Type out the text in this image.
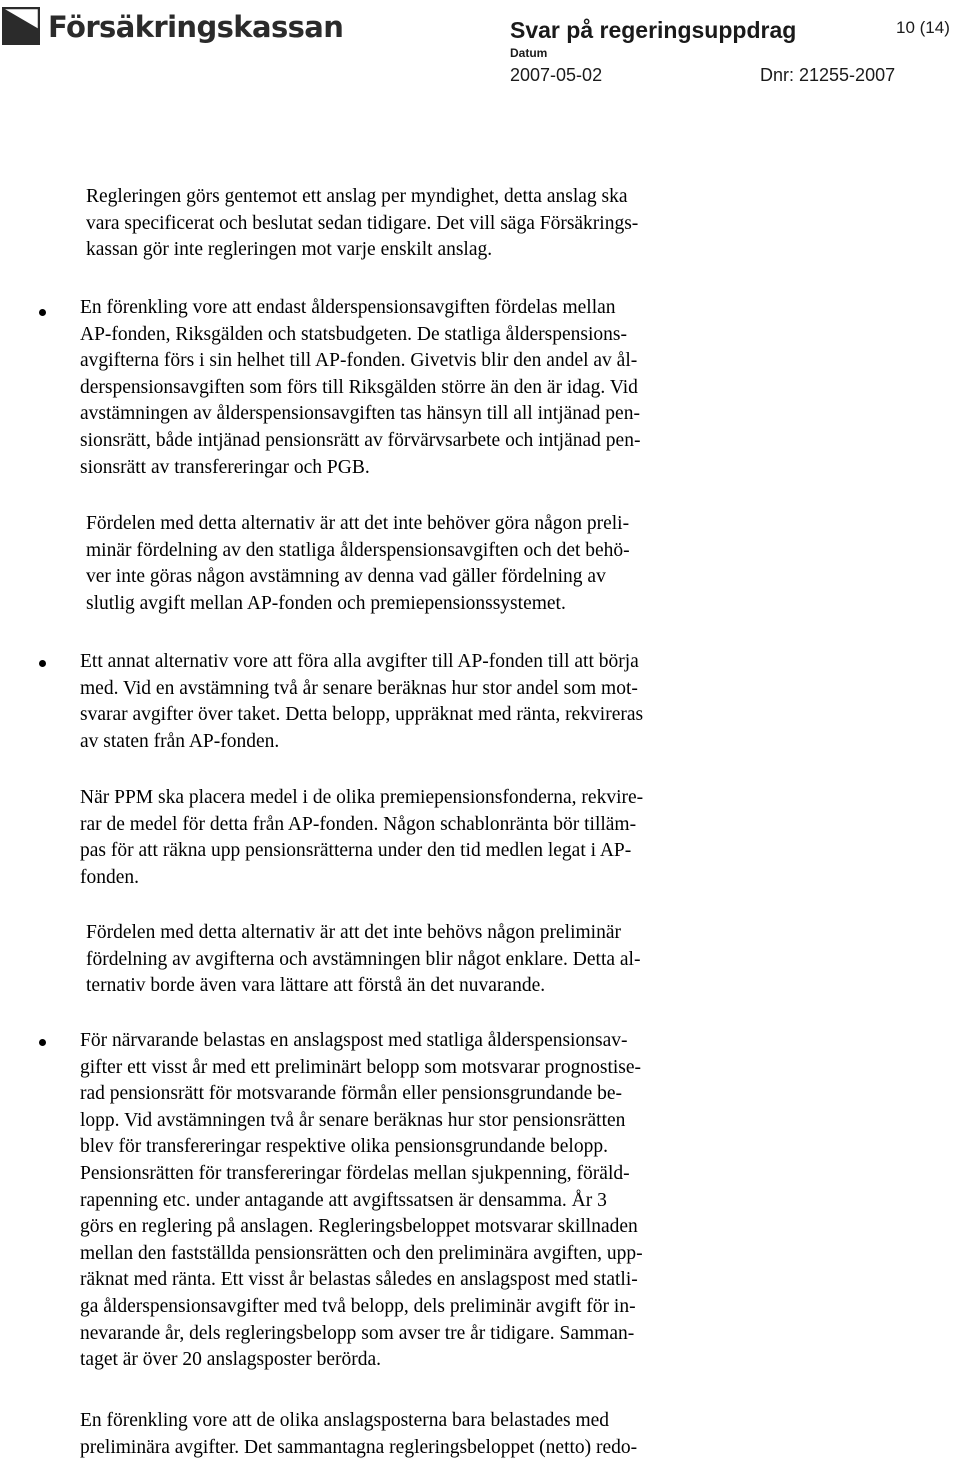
Försäkringskassan	Svar på regeringsuppdrag	10 (14)
Datum
2007-05-02	Dnr: 21255-2007
Regleringen görs gentemot ett anslag per myndighet, detta anslag ska
vara specificerat och beslutat sedan tidigare. Det vill säga Försäkrings-
kassan gör inte regleringen mot varje enskilt anslag.
En förenkling vore att endast ålderspensionsavgiften fördelas mellan
AP-fonden, Riksgälden och statsbudgeten. De statliga ålderspensions-
avgifterna förs i sin helhet till AP-fonden. Givetvis blir den andel av ål-
derspensionsavgiften som förs till Riksgälden större än den är idag. Vid
avstämningen av ålderspensionsavgiften tas hänsyn till all intjänad pen-
sionsrätt, både intjänad pensionsrätt av förvärvsarbete och intjänad pen-
sionsrätt av transfereringar och PGB.
Fördelen med detta alternativ är att det inte behöver göra någon preli-
minär fördelning av den statliga ålderspensionsavgiften och det behö-
ver inte göras någon avstämning av denna vad gäller fördelning av
slutlig avgift mellan AP-fonden och premiepensionssystemet.
Ett annat alternativ vore att föra alla avgifter till AP-fonden till att börja
med. Vid en avstämning två år senare beräknas hur stor andel som mot-
svarar avgifter över taket. Detta belopp, uppräknat med ränta, rekvireras
av staten från AP-fonden.
När PPM ska placera medel i de olika premiepensionsfonderna, rekvire-
rar de medel för detta från AP-fonden. Någon schablonränta bör tilläm-
pas för att räkna upp pensionsrätterna under den tid medlen legat i AP-
fonden.
Fördelen med detta alternativ är att det inte behövs någon preliminär
fördelning av avgifterna och avstämningen blir något enklare. Detta al-
ternativ borde även vara lättare att förstå än det nuvarande.
För närvarande belastas en anslagspost med statliga ålderspensionsav-
gifter ett visst år med ett preliminärt belopp som motsvarar prognostise-
rad pensionsrätt för motsvarande förmån eller pensionsgrundande be-
lopp. Vid avstämningen två år senare beräknas hur stor pensionsrätten
blev för transfereringar respektive olika pensionsgrundande belopp.
Pensionsrätten för transfereringar fördelas mellan sjukpenning, föräld-
rapenning etc. under antagande att avgiftssatsen är densamma. År 3
görs en reglering på anslagen. Regleringsbeloppet motsvarar skillnaden
mellan den fastställda pensionsrätten och den preliminära avgiften, upp-
räknat med ränta. Ett visst år belastas således en anslagspost med statli-
ga ålderspensionsavgifter med två belopp, dels preliminär avgift för in-
nevarande år, dels regleringsbelopp som avser tre år tidigare. Samman-
taget är över 20 anslagsposter berörda.
En förenkling vore att de olika anslagsposterna bara belastades med
preliminära avgifter. Det sammantagna regleringsbeloppet (netto) redo-
